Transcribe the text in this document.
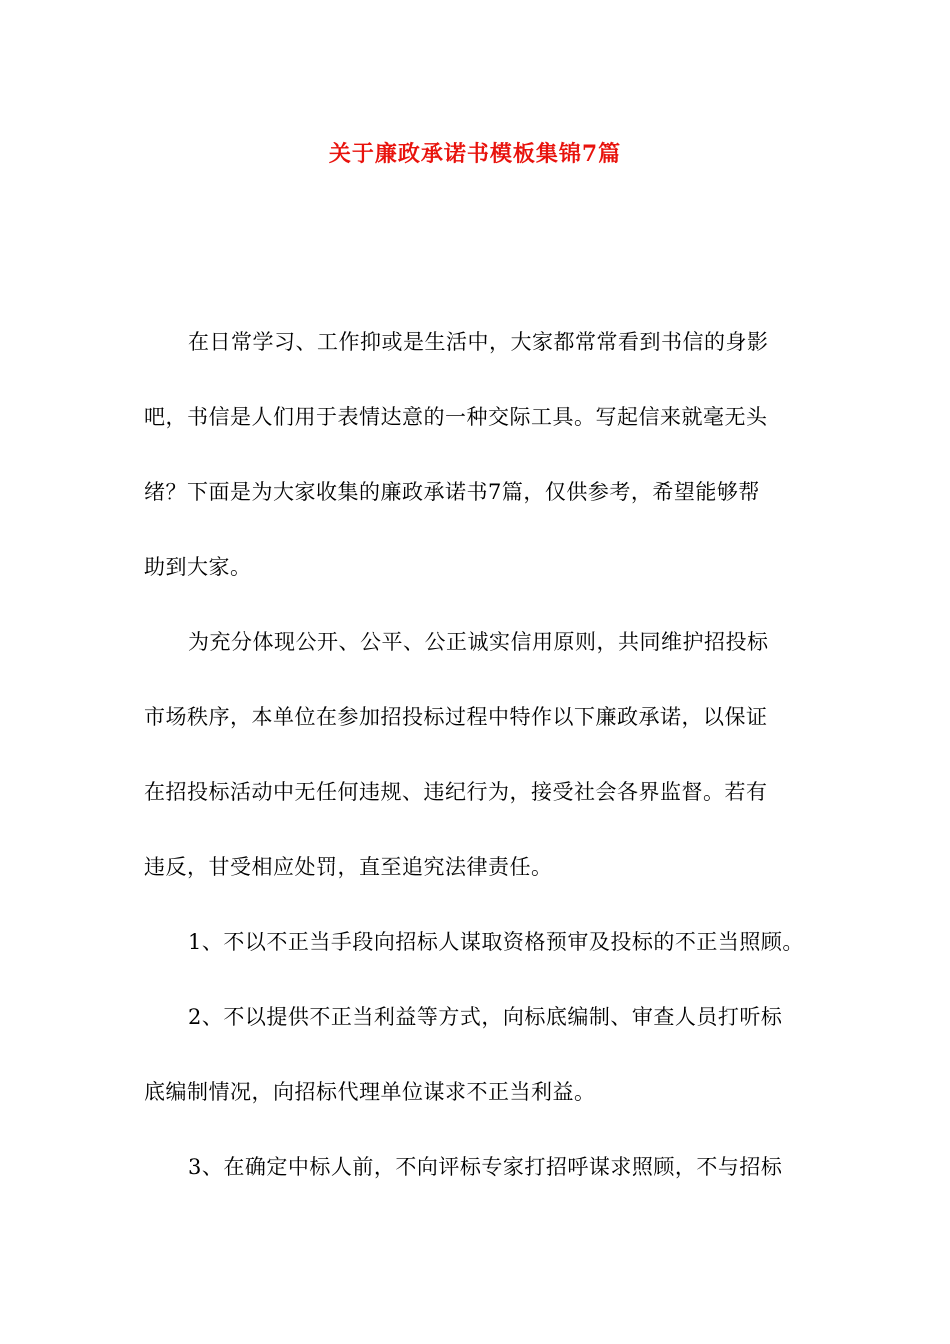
关于廉政承诺书模板集锦7篇
在日常学习、工作抑或是生活中，大家都常常看到书信的身影
吧，书信是人们用于表情达意的一种交际工具。写起信来就毫无头
绪？下面是为大家收集的廉政承诺书7篇，仅供参考，希望能够帮
助到大家。
为充分体现公开、公平、公正诚实信用原则，共同维护招投标
市场秩序，本单位在参加招投标过程中特作以下廉政承诺，以保证
在招投标活动中无任何违规、违纪行为，接受社会各界监督。若有
违反，甘受相应处罚，直至追究法律责任。
1、不以不正当手段向招标人谋取资格预审及投标的不正当照顾。
2、不以提供不正当利益等方式，向标底编制、审查人员打听标
底编制情况，向招标代理单位谋求不正当利益。
3、在确定中标人前，不向评标专家打招呼谋求照顾，不与招标
